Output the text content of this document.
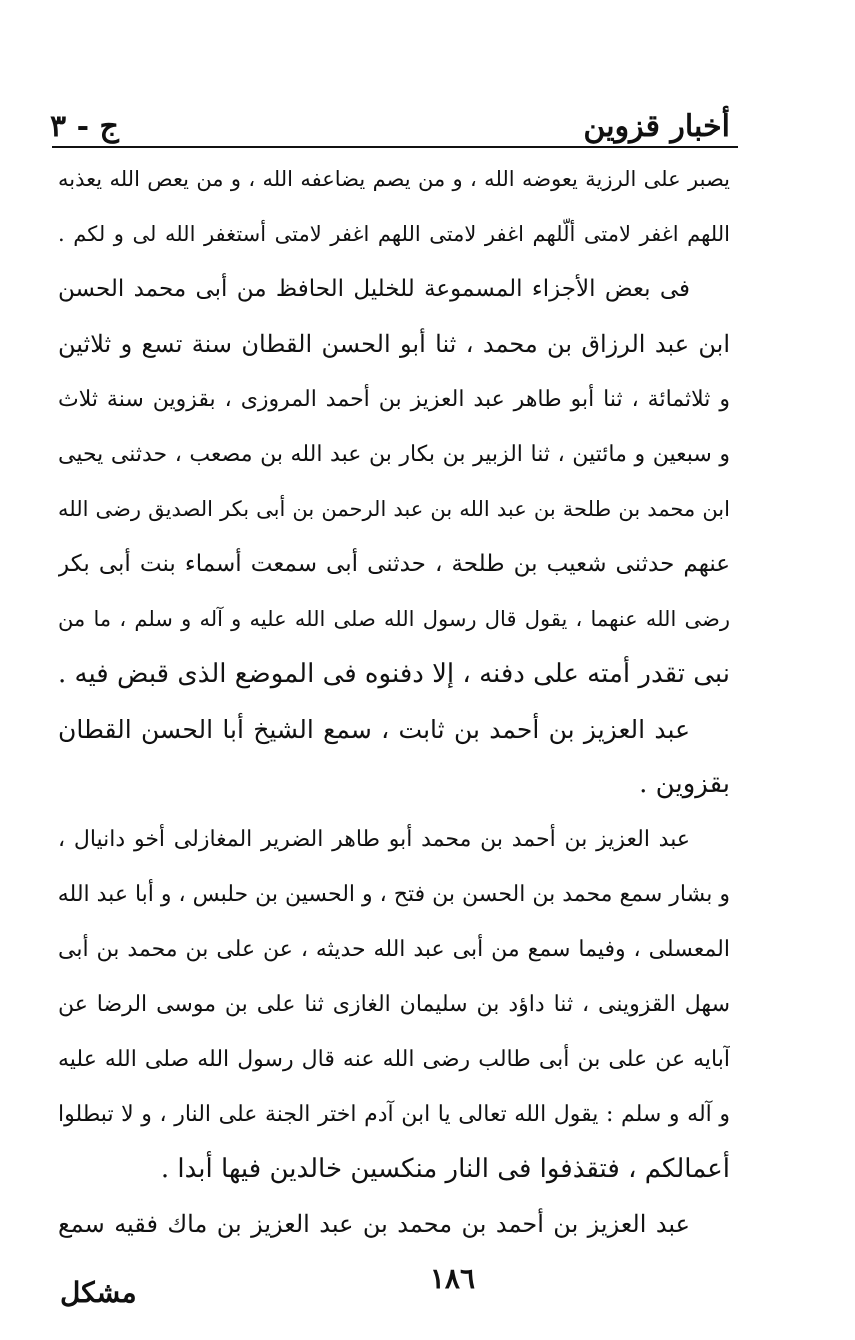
أخبار قزوين
ج - ٣
يصبر على الرزية يعوضه الله ، و من يصم يضاعفه الله ، و من يعص الله يعذبه
اللهم اغفر لامتى ألّلهم اغفر لامتى اللهم اغفر لامتى أستغفر الله لى و لكم .
فى بعض الأجزاء المسموعة للخليل الحافظ من أبى محمد الحسن
ابن عبد الرزاق بن محمد ، ثنا أبو الحسن القطان سنة تسع و ثلاثين
و ثلاثمائة ، ثنا أبو طاهر عبد العزيز بن أحمد المروزى ، بقزوين سنة ثلاث
و سبعين و مائتين ، ثنا الزبير بن بكار بن عبد الله بن مصعب ، حدثنى يحيى
ابن محمد بن طلحة بن عبد الله بن عبد الرحمن بن أبى بكر الصديق رضى الله
عنهم حدثنى شعيب بن طلحة ، حدثنى أبى سمعت أسماء بنت أبى بكر
رضى الله عنهما ، يقول قال رسول الله صلى الله عليه و آله و سلم ، ما من
نبى تقدر أمته على دفنه ، إلا دفنوه فى الموضع الذى قبض فيه .
عبد العزيز بن أحمد بن ثابت ، سمع الشيخ أبا الحسن القطان
بقزوين .
عبد العزيز بن أحمد بن محمد أبو طاهر الضرير المغازلى أخو دانيال ،
و بشار سمع محمد بن الحسن بن فتح ، و الحسين بن حلبس ، و أبا عبد الله
المعسلى ، وفيما سمع من أبى عبد الله حديثه ، عن على بن محمد بن أبى
سهل القزوينى ، ثنا داؤد بن سليمان الغازى ثنا على بن موسى الرضا عن
آبايه عن على بن أبى طالب رضى الله عنه قال رسول الله صلى الله عليه
و آله و سلم : يقول الله تعالى يا ابن آدم اختر الجنة على النار ، و لا تبطلوا
أعمالكم ، فتقذفوا فى النار منكسين خالدين فيها أبدا .
عبد العزيز بن أحمد بن محمد بن عبد العزيز بن ماك فقيه سمع
١٨٦
مشكل
